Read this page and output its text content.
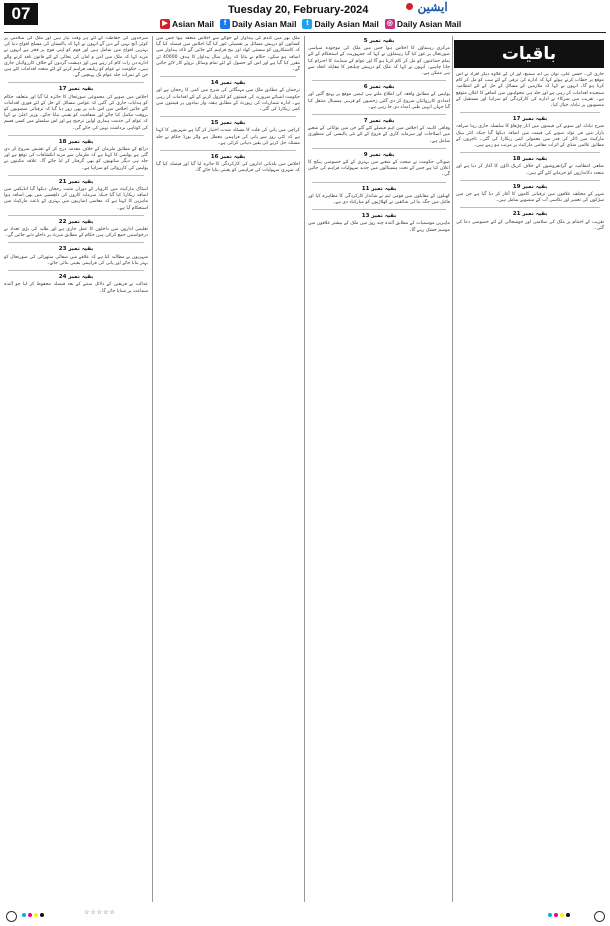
07	Tuesday 20, February-2024	ایشین
▶ Asian Mail	f Daily Asian Mail	t Daily Asian Mail ◎ Daily Asian Mail
باقیات
سرحدوں کی حفاظت کے لئے ہر وقت تیار ہیں اور ملک کی سلامتی پر کوئی آنچ نہیں آنے دیں گے انہوں نے کہا کہ پاکستان کی مسلح افواج دنیا کی بہترین افواج میں شامل ہیں اور قوم کو اپنی فوج پر فخر ہے انہوں نے مزید کہا کہ ملک میں امن و امان کی بحالی کے لئے قانون نافذ کرنے والے ادارے دن رات کام کر رہے ہیں اور دہشت گردوں کے خلاف کارروائیاں جاری ہیں۔ حکومت نے عوام کو ریلیف فراہم کرنے کے لئے متعدد اقدامات کئے ہیں جن کے ثمرات جلد عوام تک پہنچیں گے۔
بقیہ نمبر 17
اجلاس میں صوبے کی مجموعی صورتحال کا جائزہ لیا گیا اور متعلقہ حکام کو ہدایات جاری کی گئیں کہ عوامی مسائل کے حل کے لئے فوری اقدامات کئے جائیں اجلاس میں اس بات پر بھی زور دیا گیا کہ ترقیاتی منصوبوں کو بروقت مکمل کیا جائے اور شفافیت کو یقینی بنایا جائے۔ وزیر اعلیٰ نے کہا کہ عوام کی خدمت ہماری اولین ترجیح ہے اور اس سلسلے میں کسی قسم کی کوتاہی برداشت نہیں کی جائے گی۔
بقیہ نمبر 18
ذرائع کے مطابق ملزمان کے خلاف مقدمہ درج کر کے تفتیش شروع کر دی گئی ہے پولیس کا کہنا ہے کہ ملزمان سے مزید انکشافات کی توقع ہے اور جلد ہی دیگر ساتھیوں کو بھی گرفتار کر لیا جائے گا۔ علاقہ مکینوں نے پولیس کی کارروائی کو سراہا ہے۔
بقیہ نمبر 21
اسٹاک مارکیٹ میں کاروبار کے دوران مثبت رجحان دیکھا گیا انڈیکس میں اضافہ ریکارڈ کیا گیا جبکہ سرمایہ کاروں کی دلچسپی میں بھی اضافہ ہوا ماہرین کا کہنا ہے کہ معاشی اشاریوں میں بہتری کے باعث مارکیٹ میں استحکام آیا ہے۔
بقیہ نمبر 22
تعلیمی اداروں میں داخلوں کا عمل جاری ہے اور طلبہ کی بڑی تعداد نے درخواستیں جمع کرائی ہیں حکام کے مطابق میرٹ پر داخلے دئیے جائیں گے۔
بقیہ نمبر 23
شہریوں نے مطالبہ کیا ہے کہ علاقے میں صفائی ستھرائی کی صورتحال کو بہتر بنایا جائے اور پانی کی فراہمی یقینی بنائی جائے۔
بقیہ نمبر 24
عدالت نے فریقین کے دلائل سننے کے بعد فیصلہ محفوظ کر لیا جو آئندہ سماعت پر سنایا جائے گا۔
ملک بھر میں گندم کی پیداوار کے حوالے سے اجلاس منعقد ہوا جس میں کسانوں کو درپیش مسائل پر تفصیلی غور کیا گیا اجلاس میں فیصلہ کیا گیا کہ کاشتکاروں کو سستی کھاد اور بیج فراہم کئے جائیں گے تاکہ پیداوار میں اضافہ ہو سکے۔ حکام نے بتایا کہ رواں سال پیداوار کا ہدف 40000 ٹن مقرر کیا گیا ہے اور اس کے حصول کے لئے تمام وسائل بروئے کار لائے جائیں گے۔
بقیہ نمبر 14
ترجمان کے مطابق ملک میں مہنگائی کی شرح میں کمی کا رجحان ہے اور حکومت اشیائے ضروریہ کی قیمتوں کو کنٹرول کرنے کے لئے اقدامات کر رہی ہے۔ ادارہ شماریات کی رپورٹ کے مطابق ہفتہ وار بنیادوں پر قیمتوں میں کمی ریکارڈ کی گئی۔
بقیہ نمبر 15
کراچی میں پانی کی قلت کا مسئلہ شدت اختیار کر گیا ہے شہریوں کا کہنا ہے کہ کئی روز سے پانی کی فراہمی معطل ہے واٹر بورڈ حکام نے جلد مسئلہ حل کرنے کی یقین دہانی کرائی ہے۔
بقیہ نمبر 16
اجلاس میں بلدیاتی اداروں کی کارکردگی کا جائزہ لیا گیا اور فیصلہ کیا گیا کہ شہری سہولیات کی فراہمی کو یقینی بنایا جائے گا۔
بقیہ نمبر 5
مرکزی رہنماؤں کا اجلاس ہوا جس میں ملک کی موجودہ سیاسی صورتحال پر غور کیا گیا رہنماؤں نے کہا کہ جمہوریت کے استحکام کے لئے تمام جماعتوں کو مل کر کام کرنا ہو گا اور عوام کے مینڈیٹ کا احترام کیا جانا چاہیے۔ انہوں نے کہا کہ ملک کو درپیش چیلنجز کا مقابلہ اتحاد سے ہی ممکن ہے۔
بقیہ نمبر 6
پولیس کے مطابق واقعہ کی اطلاع ملتے ہی ٹیمیں موقع پر پہنچ گئیں اور امدادی کارروائیاں شروع کر دی گئیں زخمیوں کو قریبی ہسپتال منتقل کیا گیا جہاں انہیں طبی امداد دی جا رہی ہے۔
بقیہ نمبر 7
وفاقی کابینہ کے اجلاس میں اہم فیصلے کئے گئے جن میں توانائی کے شعبے میں اصلاحات اور سرمایہ کاری کے فروغ کے لئے نئی پالیسی کی منظوری شامل ہے۔
بقیہ نمبر 9
صوبائی حکومت نے صحت کے شعبے میں بہتری کے لئے خصوصی پیکج کا اعلان کیا ہے جس کے تحت ہسپتالوں میں جدید سہولیات فراہم کی جائیں گی۔
بقیہ نمبر 11
کھیلوں کے مقابلوں میں قومی ٹیم نے شاندار کارکردگی کا مظاہرہ کیا اور فائنل میں جگہ بنا لی شائقین نے کھلاڑیوں کو مبارکباد دی ہے۔
بقیہ نمبر 13
ماہرین موسمیات کے مطابق آئندہ چند روز میں ملک کے بیشتر علاقوں میں موسم خشک رہے گا۔
جاری کی۔ حسن علی، نواز، پی اے، سمیع، اور ان کے علاوہ دیگر افراد نے اس موقع پر خطاب کرتے ہوئے کہا کہ ادارے کی ترقی کے لئے سب کو مل کر کام کرنا ہو گا۔ انہوں نے کہا کہ ملازمین کے مسائل کے حل کے لئے انتظامیہ سنجیدہ اقدامات کر رہی ہے اور جلد ہی تنخواہوں میں اضافے کا اعلان متوقع ہے۔ تقریب میں شرکاء نے ادارے کی کارکردگی کو سراہا اور مستقبل کے منصوبوں پر تبادلہ خیال کیا۔
بقیہ نمبر 17
شرح تبادلہ اور سونے کی قیمتوں میں اتار چڑھاؤ کا سلسلہ جاری رہا صرافہ بازار میں فی تولہ سونے کی قیمت میں اضافہ دیکھا گیا جبکہ انٹر بینک مارکیٹ میں ڈالر کی قدر میں معمولی کمی ریکارڈ کی گئی۔ تاجروں کے مطابق عالمی منڈی کے اثرات مقامی مارکیٹ پر مرتب ہو رہے ہیں۔
بقیہ نمبر 18
ضلعی انتظامیہ نے گرانفروشوں کے خلاف کریک ڈاؤن کا آغاز کر دیا ہے اور متعدد دکانداروں کو جرمانے کئے گئے ہیں۔
بقیہ نمبر 19
شہر کے مختلف علاقوں میں ترقیاتی کاموں کا آغاز کر دیا گیا ہے جن میں سڑکوں کی تعمیر اور نکاسی آب کے منصوبے شامل ہیں۔
بقیہ نمبر 21
تقریب کے اختتام پر ملک کی سلامتی اور خوشحالی کے لئے خصوصی دعا کی گئی۔
☆☆☆☆☆
